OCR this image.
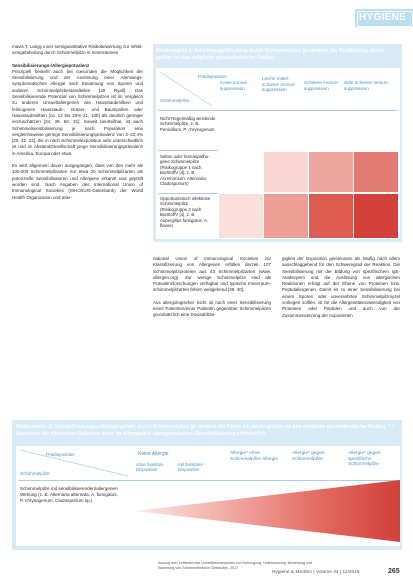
HYGIENE

mavis T, Langy inner semiguantitative Risikobewertung zur Infektionsgefahrdung durch Schimmelpilze in Innenräumen

Sensibilisierungs-/Allergieprävalenz

Prinzipiell besteht auch bei Gesunden die Möglichkeit der Sensibilisierung und der Auslösung einer Atemwegssymptomatischen Allergie nach Einatmung von Sporen und anderen Schimmelpilzbestandteilen [28 Ryall]. Das Sensibilisierende Potenzial von Schimmelpilzen ist im Vergleich zu anderen Umweltallergenen wie Hausstaubmilben und felinogenen Hausstaub-, Gräser- und Baumpollen oder Hausstaubmilben [ca. 13 bis 20% 21, 10b] als deutlich geringer einzuschätzen [34, 39, 60, 31]. Soweit beurteilbar, ist auch Schimmelsensibilisierung je nach Population eine vergleichsweise geringe Sensibilisierungsprävalenz von 3–22,4% [20, 22, 23], die in nach Schimmelexposition sehr unterschiedlich ist und im AbstandGesellschaft junge Sensibilisierungsprävalenz in Amerika, Europa oder etwa.

Es wird allgemein davon ausgegangen, dass von den mehr als 100.000 Schimmelpilzarten nur etwa 20 Schimmelpilzarten als potenzielle Sensibilisatoren und Allergene erkannt und geprüft worden sind. Nach Angaben des International Union of Immunological Societies (WHO/IUIS-Datenbank) der World Health Organization und Inter-

national Union of Immunological Societies zur Klassifizierung von Allergenen erfüllen derzeit 107 Schimmelpilzproteine aus 43 Schimmelpilzarten (www. allergen.org). Zur wenige Schimmelpilze sind als Prävalenzforschungen verfügbar und typische Innenraumschimmelpilzarten fehlen weitgehend [39, 40].

Aus allergologischer Sicht ist nach einer Sensibilisierung eines Patienten/einer Patientin gegenüber Schimmelpilzen grundsätzlich eine Dosisabhän-

gigkeit der Exposition gemeinsam als häufig nach allem ausschlaggebend für den Schweregrad der Reaktion. Die Sensibilisierung mit der Bildung von spezifischem IgE-Antikörpern und die Auslösung von allergischen Reaktionen erfolgt auf der Ebene von Proteinen bzw. Peptidallergenen. Damit es zu einer Sensibilisierung bei einem Sporen oder unversehrten Schimmelpilzmyzel vorliegen sollten, ist für die Allergenitätsnotwendigkeit von Proteinen oder Peptiden und auch von der Zusammensetzung der exponierten

Risikomatrix 1: Infektionsgefährdung durch Schimmelpilze (je dunkler die Rotfärbung, desto größer ist das mögliche gesundheitliche Risiko)
Prädisposition
Schimmelpilze
Keine Immunsuppression
Leicht/ mittelschwere Immunsuppression
Schwere Immunsuppression
Sehr schwere Immunsuppression
Nicht Regelmäßig werdende Schimmelpilze, z. B. Penicillium, P. chrysogenum
Selten oder humanpathogene Schimmelpilze (Risikogruppe 1 nach BioStoffV [4], z. B. Acremonium, Alternaria, Cladosporium)
Opportunistisch infektiöse Schimmelpilze (Risikogruppe 2 nach BioStoffV [4], z. B. Aspergillus fumigatus, A. flavus)
Risikomatrix 2: Sensibilisierungs-/Allergiegefahr durch Schimmelpilze (je dunkler die Farbe ist, desto größer ist das mögliche gesundheitliche Risiko). * = Nachweis der klinischen Relevanz einer im Allergietest nachgewiesenen Sensibilisierung erforderlich
Prädisposition
Schimmelpilze
Keine Allergie
ohne familiäre Disposition
mit familiärer Disposition
Allergie* ohne Schimmelpilze Allergie
Allergie* gegen Schimmelpilze
Allergie* gegen spezifische Schimmelpilze
Schimmelpilze mit sensibilisierenden/allergenen Wirkung (z. B. Alternaria alternata, A. fumigatus, P. chrysogenum, Cladosporium sp.)
Auszug aus: Leitfaden des Umweltbundesamtes zur Vorbeugung, Untersuchung, Bewertung und Sanierung von Schimmelbefall in Gebäuden, 2017
Hygiene & Medizin | Volume 44 | 11/2019	265
